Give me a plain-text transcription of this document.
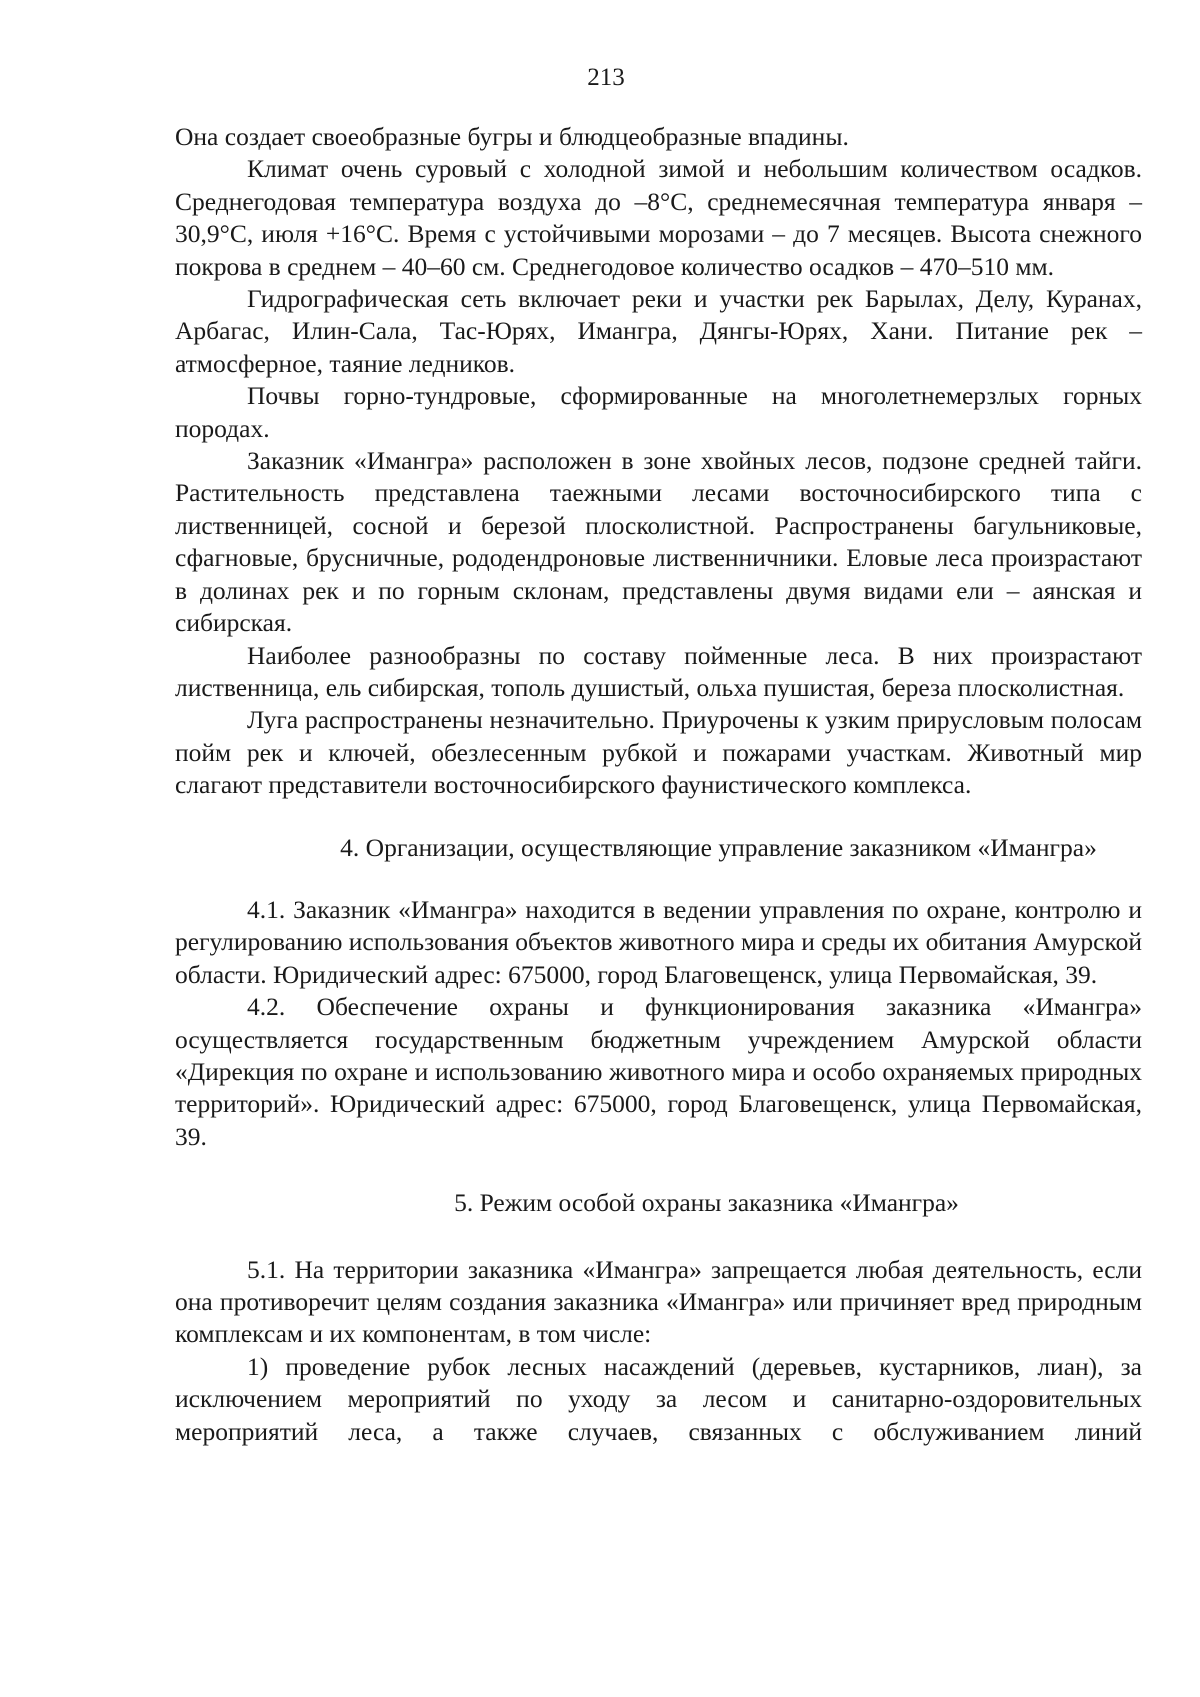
213

Она создает своеобразные бугры и блюдцеобразные впадины.

Климат очень суровый с холодной зимой и небольшим количеством осадков. Среднегодовая температура воздуха до –8°С, среднемесячная температура января –30,9°С, июля +16°С. Время с устойчивыми морозами – до 7 месяцев. Высота снежного покрова в среднем – 40–60 см. Среднегодовое количество осадков – 470–510 мм.

Гидрографическая сеть включает реки и участки рек Барылах, Делу, Куранах, Арбагас, Илин-Сала, Тас-Юрях, Имангра, Дянгы-Юрях, Хани. Питание рек – атмосферное, таяние ледников.

Почвы горно-тундровые, сформированные на многолетнемерзлых горных породах.

Заказник «Имангра» расположен в зоне хвойных лесов, подзоне средней тайги. Растительность представлена таежными лесами восточносибирского типа с лиственницей, сосной и березой плосколистной. Распространены багульниковые, сфагновые, брусничные, рододендроновые лиственничники. Еловые леса произрастают в долинах рек и по горным склонам, представлены двумя видами ели – аянская и сибирская.

Наиболее разнообразны по составу пойменные леса. В них произрастают лиственница, ель сибирская, тополь душистый, ольха пушистая, береза плосколистная.

Луга распространены незначительно. Приурочены к узким прирусловым полосам пойм рек и ключей, обезлесенным рубкой и пожарами участкам. Животный мир слагают представители восточносибирского фаунистического комплекса.

4. Организации, осуществляющие управление заказником «Имангра»

4.1. Заказник «Имангра» находится в ведении управления по охране, контролю и регулированию использования объектов животного мира и среды их обитания Амурской области. Юридический адрес: 675000, город Благовещенск, улица Первомайская, 39.

4.2. Обеспечение охраны и функционирования заказника «Имангра» осуществляется государственным бюджетным учреждением Амурской области «Дирекция по охране и использованию животного мира и особо охраняемых природных территорий». Юридический адрес: 675000, город Благовещенск, улица Первомайская, 39.

5. Режим особой охраны заказника «Имангра»

5.1. На территории заказника «Имангра» запрещается любая деятельность, если она противоречит целям создания заказника «Имангра» или причиняет вред природным комплексам и их компонентам, в том числе:

1) проведение рубок лесных насаждений (деревьев, кустарников, лиан), за исключением мероприятий по уходу за лесом и санитарно-оздоровительных мероприятий леса, а также случаев, связанных с обслуживанием линий
